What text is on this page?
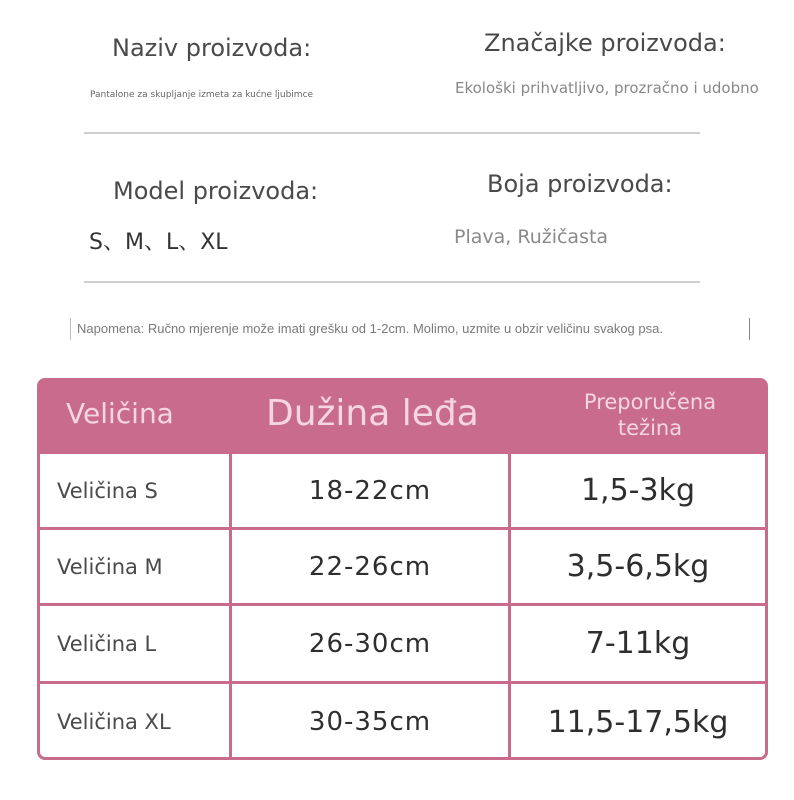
Naziv proizvoda:
Pantalone za skupljanje izmeta za kućne ljubimce
Značajke proizvoda:
Ekološki prihvatljivo, prozračno i udobno
Model proizvoda:
S、M、L、XL
Boja proizvoda:
Plava, Ružičasta
Napomena: Ručno mjerenje može imati grešku od 1-2cm. Molimo, uzmite u obzir veličinu svakog psa.
Veličina	Dužina leđa	Preporučena
težina
Veličina S	18-22cm	1,5-3kg
Veličina M	22-26cm	3,5-6,5kg
Veličina L	26-30cm	7-11kg
Veličina XL	30-35cm	11,5-17,5kg
